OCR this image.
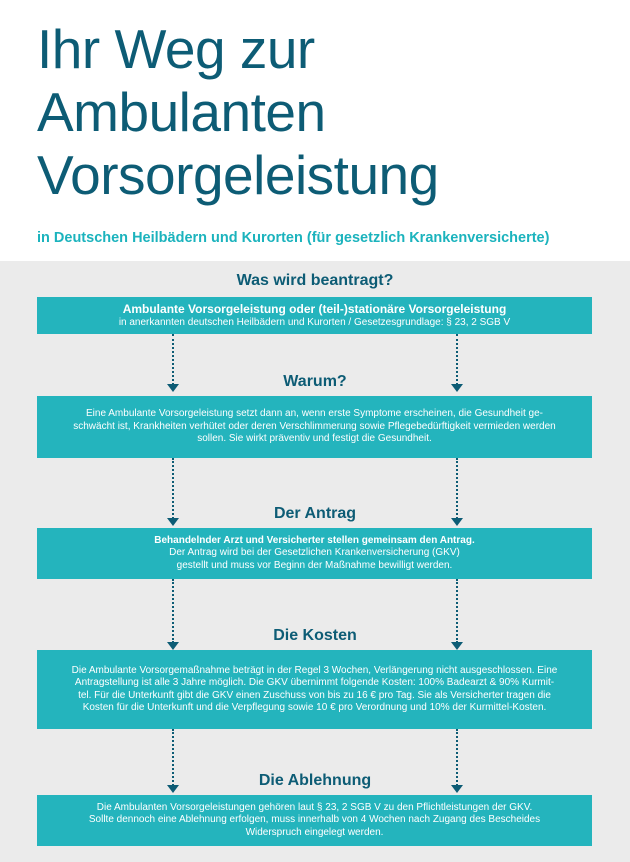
Ihr Weg zur
Ambulanten
Vorsorgeleistung
in Deutschen Heilbädern und Kurorten (für gesetzlich Krankenversicherte)
Was wird beantragt?
Ambulante Vorsorgeleistung oder (teil-)stationäre Vorsorgeleistung
in anerkannten deutschen Heilbädern und Kurorten / Gesetzesgrundlage: § 23, 2 SGB V
Warum?
Eine Ambulante Vorsorgeleistung setzt dann an, wenn erste Symptome erscheinen, die Gesundheit ge-
schwächt ist, Krankheiten verhütet oder deren Verschlimmerung sowie Pflegebedürftigkeit vermieden werden
sollen. Sie wirkt präventiv und festigt die Gesundheit.
Der Antrag
Behandelnder Arzt und Versicherter stellen gemeinsam den Antrag.
Der Antrag wird bei der Gesetzlichen Krankenversicherung (GKV)
gestellt und muss vor Beginn der Maßnahme bewilligt werden.
Die Kosten
Die Ambulante Vorsorgemaßnahme beträgt in der Regel 3 Wochen, Verlängerung nicht ausgeschlossen. Eine
Antragstellung ist alle 3 Jahre möglich. Die GKV übernimmt folgende Kosten: 100% Badearzt & 90% Kurmit-
tel. Für die Unterkunft gibt die GKV einen Zuschuss von bis zu 16 € pro Tag. Sie als Versicherter tragen die
Kosten für die Unterkunft und die Verpflegung sowie 10 € pro Verordnung und 10% der Kurmittel-Kosten.
Die Ablehnung
Die Ambulanten Vorsorgeleistungen gehören laut § 23, 2 SGB V zu den Pflichtleistungen der GKV.
Sollte dennoch eine Ablehnung erfolgen, muss innerhalb von 4 Wochen nach Zugang des Bescheides
Widerspruch eingelegt werden.
